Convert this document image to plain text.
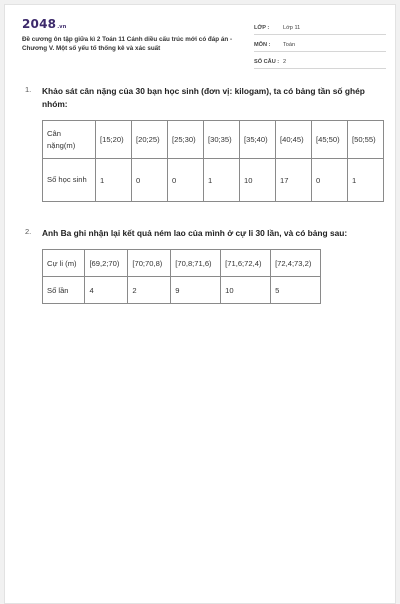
2048.vn
Đề cương ôn tập giữa kì 2 Toán 11 Cánh diều cấu trúc mới có đáp án - Chương V. Một số yếu tố thống kê và xác suất
LỚP :	Lớp 11
MÔN :	Toán
SỐ CÂU : 2
1. Khảo sát cân nặng của 30 bạn học sinh (đơn vị: kilogam), ta có bảng tần số ghép nhóm:
Cân nặng(m)	[15;20)	[20;25)	[25;30)	[30;35)	[35;40)	[40;45)	[45;50)	[50;55)
Số học sinh	1	0	0	1	10	17	0	1
2. Anh Ba ghi nhận lại kết quả ném lao của mình ở cự li 30 lần, và có bảng sau:
Cự li (m)	[69,2;70)	[70;70,8)	[70,8;71,6)	[71,6;72,4)	[72,4;73,2)
Số lần	4	2	9	10	5
